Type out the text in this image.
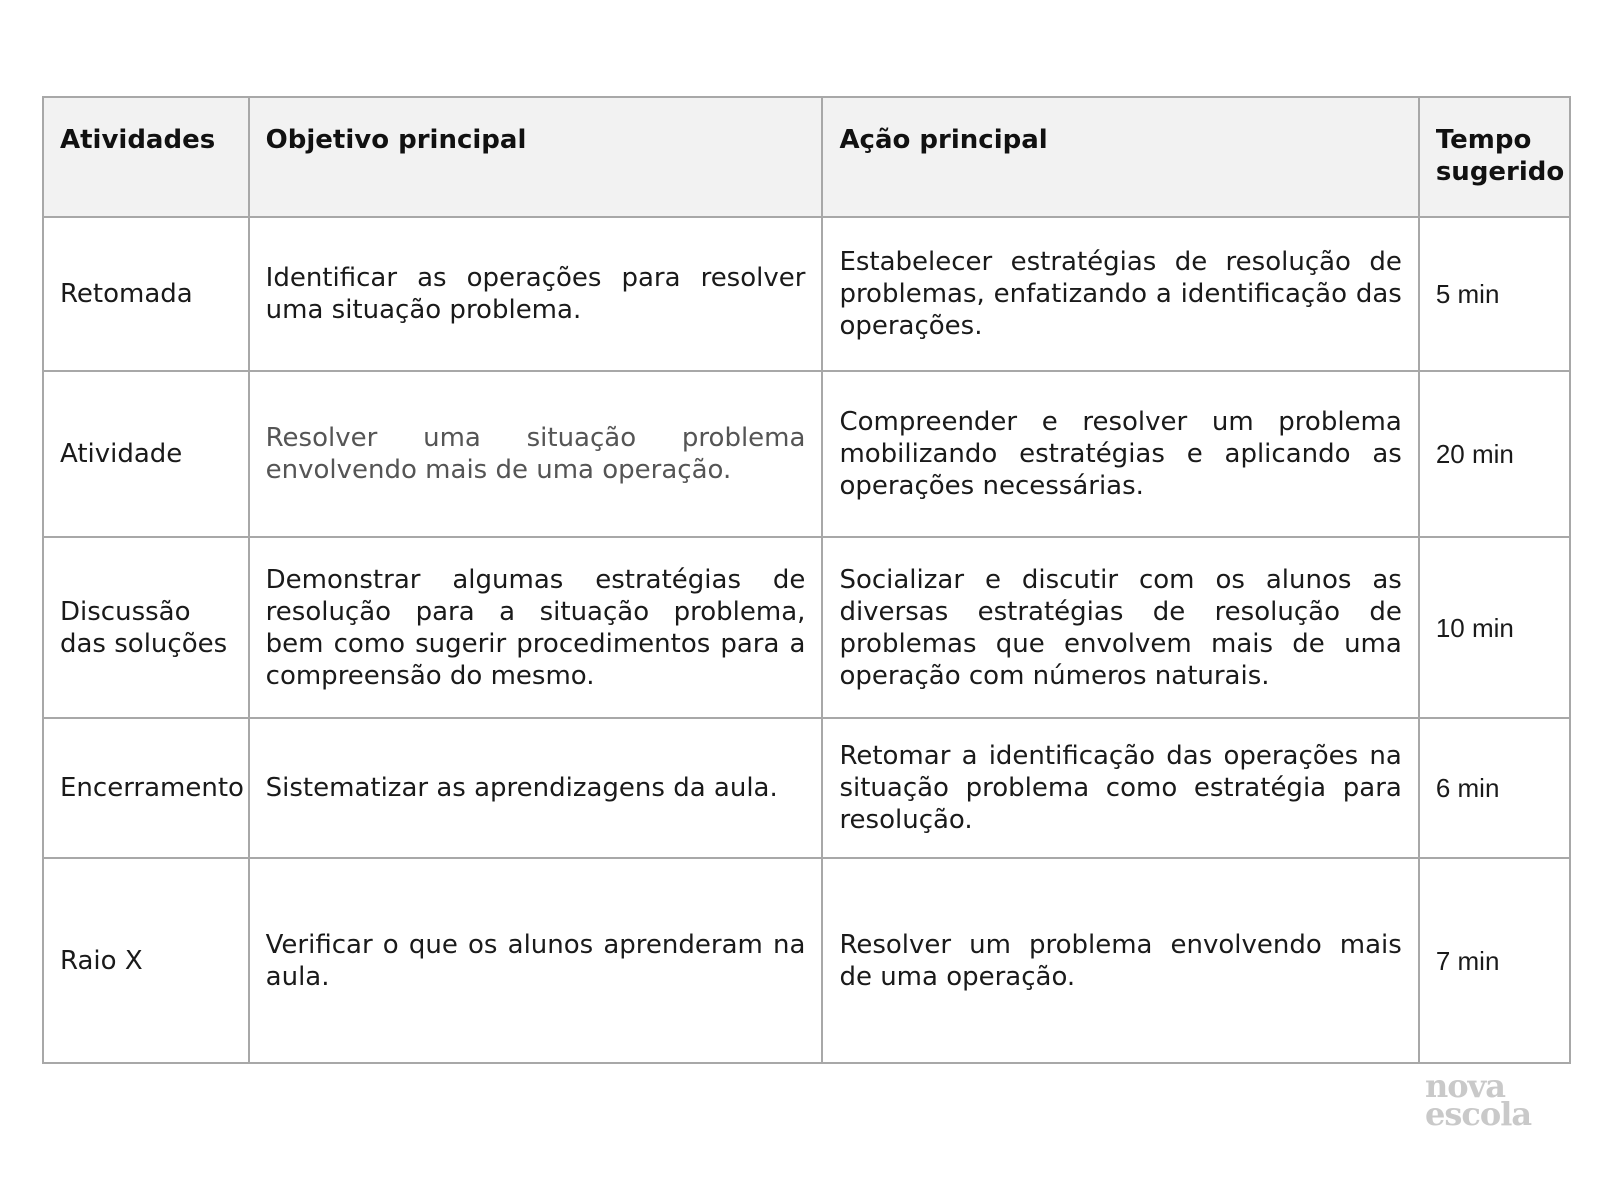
Atividades	Objetivo principal	Ação principal	Tempo sugerido
Retomada	Identificar as operações para resolver uma situação problema.	Estabelecer estratégias de resolução de problemas, enfatizando a identificação das operações.	5 min
Atividade	Resolver uma situação problema envolvendo mais de uma operação.	Compreender e resolver um problema mobilizando estratégias e aplicando as operações necessárias.	20 min
Discussão das soluções	Demonstrar algumas estratégias de resolução para a situação problema, bem como sugerir procedimentos para a compreensão do mesmo.	Socializar e discutir com os alunos as diversas estratégias de resolução de problemas que envolvem mais de uma operação com números naturais.	10 min
Encerramento	Sistematizar as aprendizagens da aula.	Retomar a identificação das operações na situação problema como estratégia para resolução.	6 min
Raio X	Verificar o que os alunos aprenderam na aula.	Resolver um problema envolvendo mais de uma operação.	7 min
nova
escola
